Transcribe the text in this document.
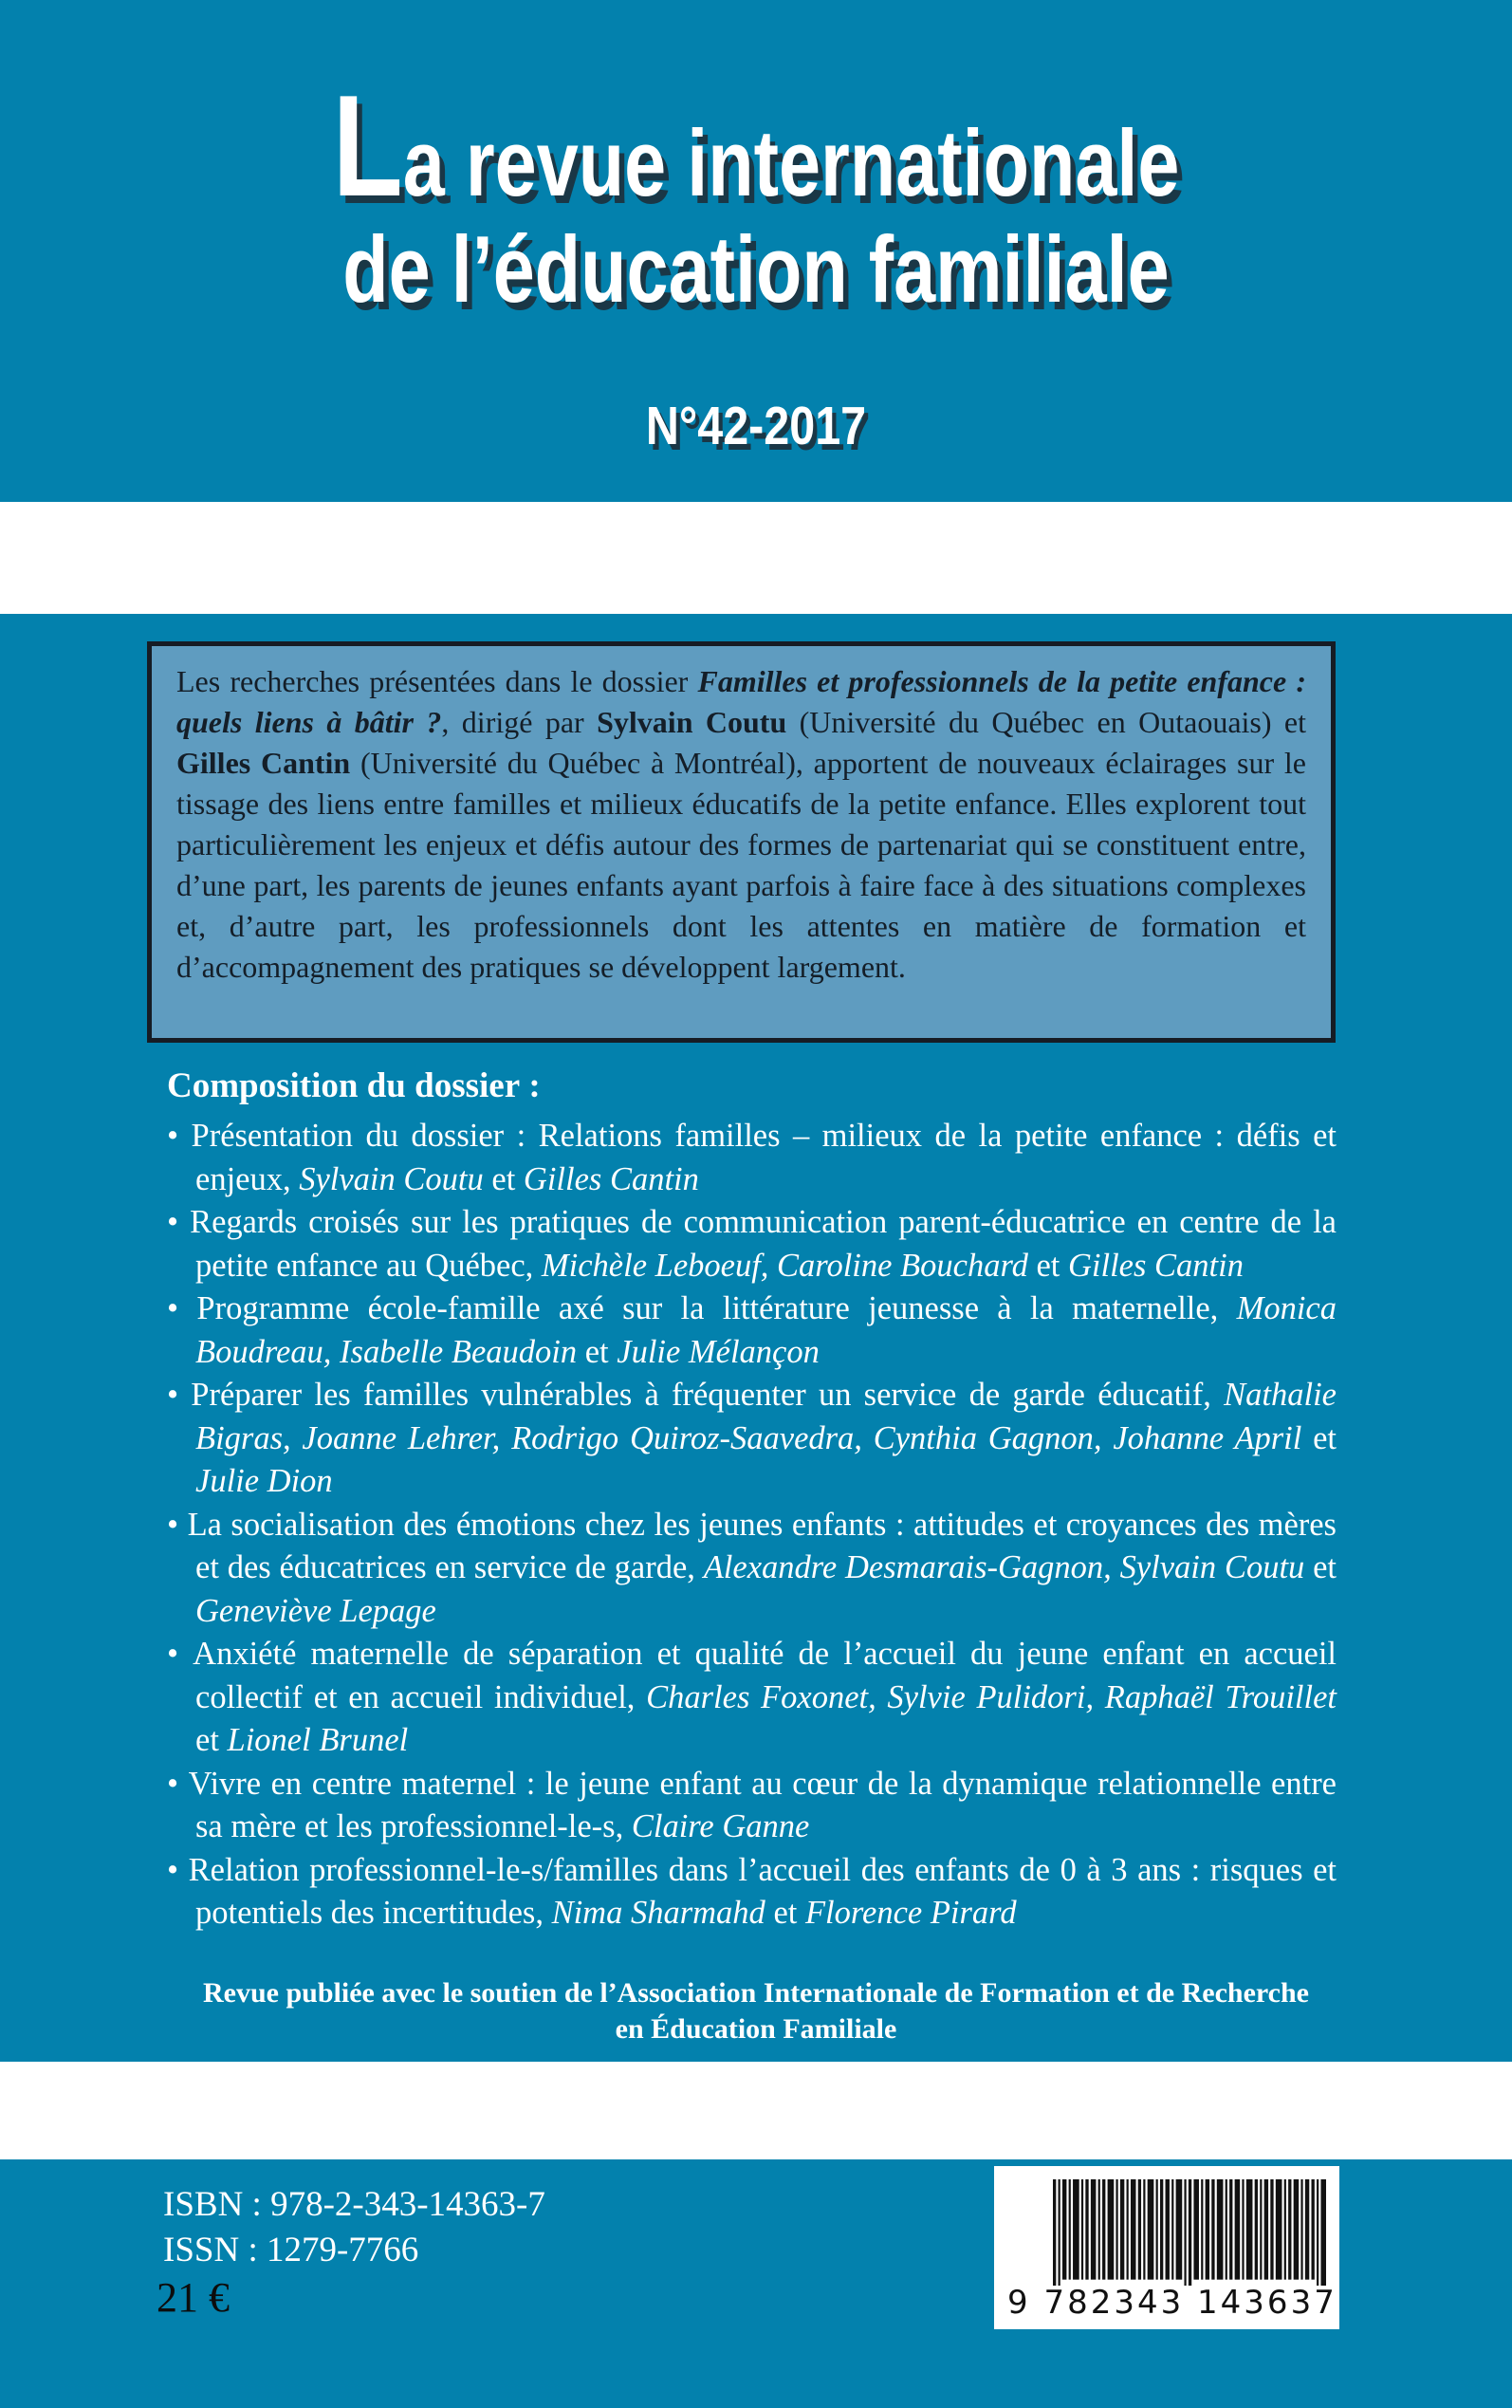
La revue internationale
de l’éducation familiale
N°42-2017

Les recherches présentées dans le dossier Familles et professionnels de la petite enfance : quels liens à bâtir ?, dirigé par Sylvain Coutu (Université du Québec en Outaouais) et Gilles Cantin (Université du Québec à Montréal), apportent de nouveaux éclairages sur le tissage des liens entre familles et milieux éducatifs de la petite enfance. Elles explorent tout particulièrement les enjeux et défis autour des formes de partenariat qui se constituent entre, d’une part, les parents de jeunes enfants ayant parfois à faire face à des situations complexes et, d’autre part, les professionnels dont les attentes en matière de formation et d’accompagnement des pratiques se développent largement.

Composition du dossier :
• Présentation du dossier : Relations familles – milieux de la petite enfance : défis et enjeux, Sylvain Coutu et Gilles Cantin
• Regards croisés sur les pratiques de communication parent-éducatrice en centre de la petite enfance au Québec, Michèle Leboeuf, Caroline Bouchard et Gilles Cantin
• Programme école-famille axé sur la littérature jeunesse à la maternelle, Monica Boudreau, Isabelle Beaudoin et Julie Mélançon
• Préparer les familles vulnérables à fréquenter un service de garde éducatif, Nathalie Bigras, Joanne Lehrer, Rodrigo Quiroz-Saavedra, Cynthia Gagnon, Johanne April et Julie Dion
• La socialisation des émotions chez les jeunes enfants : attitudes et croyances des mères et des éducatrices en service de garde, Alexandre Desmarais-Gagnon, Sylvain Coutu et Geneviève Lepage
• Anxiété maternelle de séparation et qualité de l’accueil du jeune enfant en accueil collectif et en accueil individuel, Charles Foxonet, Sylvie Pulidori, Raphaël Trouillet et Lionel Brunel
• Vivre en centre maternel : le jeune enfant au cœur de la dynamique relationnelle entre sa mère et les professionnel-le-s, Claire Ganne
• Relation professionnel-le-s/familles dans l’accueil des enfants de 0 à 3 ans : risques et potentiels des incertitudes, Nima Sharmahd et Florence Pirard
Revue publiée avec le soutien de l’Association Internationale de Formation et de Recherche
en Éducation Familiale
ISBN : 978-2-343-14363-7
ISSN : 1279-7766
21 €	9 782343 143637
